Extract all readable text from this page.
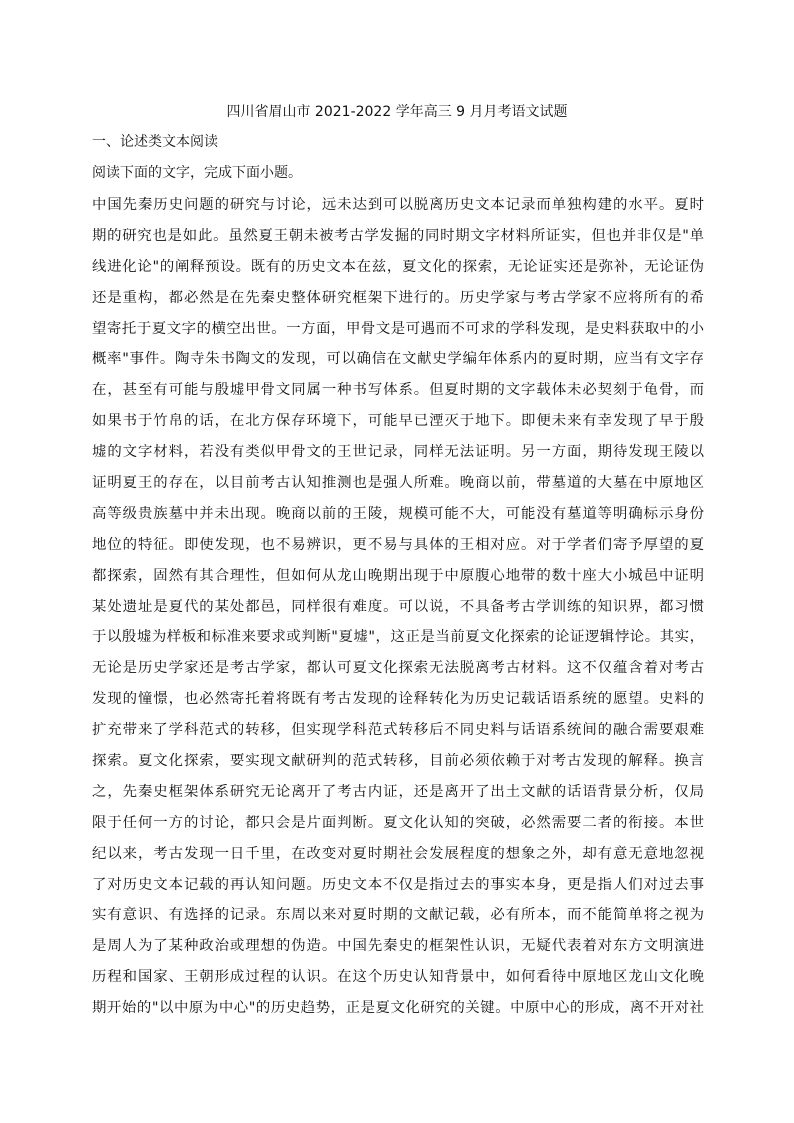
四川省眉山市 2021-2022 学年高三 9 月月考语文试题
一、论述类文本阅读
阅读下面的文字，完成下面小题。
中国先秦历史问题的研究与讨论，远未达到可以脱离历史文本记录而单独构建的水平。夏时
期的研究也是如此。虽然夏王朝未被考古学发掘的同时期文字材料所证实，但也并非仅是"单
线进化论"的阐释预设。既有的历史文本在兹，夏文化的探索，无论证实还是弥补，无论证伪
还是重构，都必然是在先秦史整体研究框架下进行的。历史学家与考古学家不应将所有的希
望寄托于夏文字的横空出世。一方面，甲骨文是可遇而不可求的学科发现，是史料获取中的小
概率"事件。陶寺朱书陶文的发现，可以确信在文献史学编年体系内的夏时期，应当有文字存
在，甚至有可能与殷墟甲骨文同属一种书写体系。但夏时期的文字载体未必契刻于龟骨，而
如果书于竹帛的话，在北方保存环境下，可能早已湮灭于地下。即便未来有幸发现了早于殷
墟的文字材料，若没有类似甲骨文的王世记录，同样无法证明。另一方面，期待发现王陵以
证明夏王的存在，以目前考古认知推测也是强人所难。晚商以前，带墓道的大墓在中原地区
高等级贵族墓中并未出现。晚商以前的王陵，规模可能不大，可能没有墓道等明确标示身份
地位的特征。即使发现，也不易辨识，更不易与具体的王相对应。对于学者们寄予厚望的夏
都探索，固然有其合理性，但如何从龙山晚期出现于中原腹心地带的数十座大小城邑中证明
某处遗址是夏代的某处都邑，同样很有难度。可以说，不具备考古学训练的知识界，都习惯
于以殷墟为样板和标准来要求或判断"夏墟"，这正是当前夏文化探索的论证逻辑悖论。其实，
无论是历史学家还是考古学家，都认可夏文化探索无法脱离考古材料。这不仅蕴含着对考古
发现的憧憬，也必然寄托着将既有考古发现的诠释转化为历史记载话语系统的愿望。史料的
扩充带来了学科范式的转移，但实现学科范式转移后不同史料与话语系统间的融合需要艰难
探索。夏文化探索，要实现文献研判的范式转移，目前必须依赖于对考古发现的解释。换言
之，先秦史框架体系研究无论离开了考古内证，还是离开了出土文献的话语背景分析，仅局
限于任何一方的讨论，都只会是片面判断。夏文化认知的突破，必然需要二者的衔接。本世
纪以来，考古发现一日千里，在改变对夏时期社会发展程度的想象之外，却有意无意地忽视
了对历史文本记载的再认知问题。历史文本不仅是指过去的事实本身，更是指人们对过去事
实有意识、有选择的记录。东周以来对夏时期的文献记载，必有所本，而不能简单将之视为
是周人为了某种政治或理想的伪造。中国先秦史的框架性认识，无疑代表着对东方文明演进
历程和国家、王朝形成过程的认识。在这个历史认知背景中，如何看待中原地区龙山文化晚
期开始的"以中原为中心"的历史趋势，正是夏文化研究的关键。中原中心的形成，离不开对社
